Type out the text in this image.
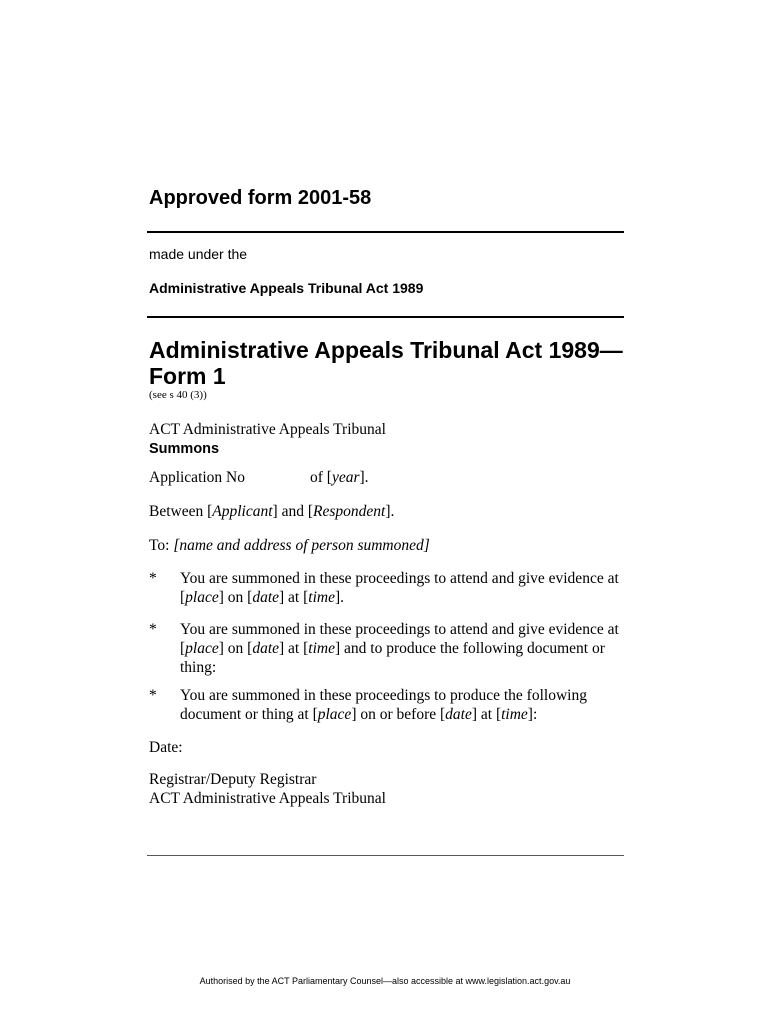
Approved form 2001-58
made under the
Administrative Appeals Tribunal Act 1989
Administrative Appeals Tribunal Act 1989—
Form 1
(see s 40 (3))
ACT Administrative Appeals Tribunal
Summons
Application No	of [year].
Between [Applicant] and [Respondent].
To: [name and address of person summoned]
* You are summoned in these proceedings to attend and give evidence at [place] on [date] at [time].
* You are summoned in these proceedings to attend and give evidence at [place] on [date] at [time] and to produce the following document or thing:
* You are summoned in these proceedings to produce the following document or thing at [place] on or before [date] at [time]:
Date:
Registrar/Deputy Registrar
ACT Administrative Appeals Tribunal
Authorised by the ACT Parliamentary Counsel—also accessible at www.legislation.act.gov.au
